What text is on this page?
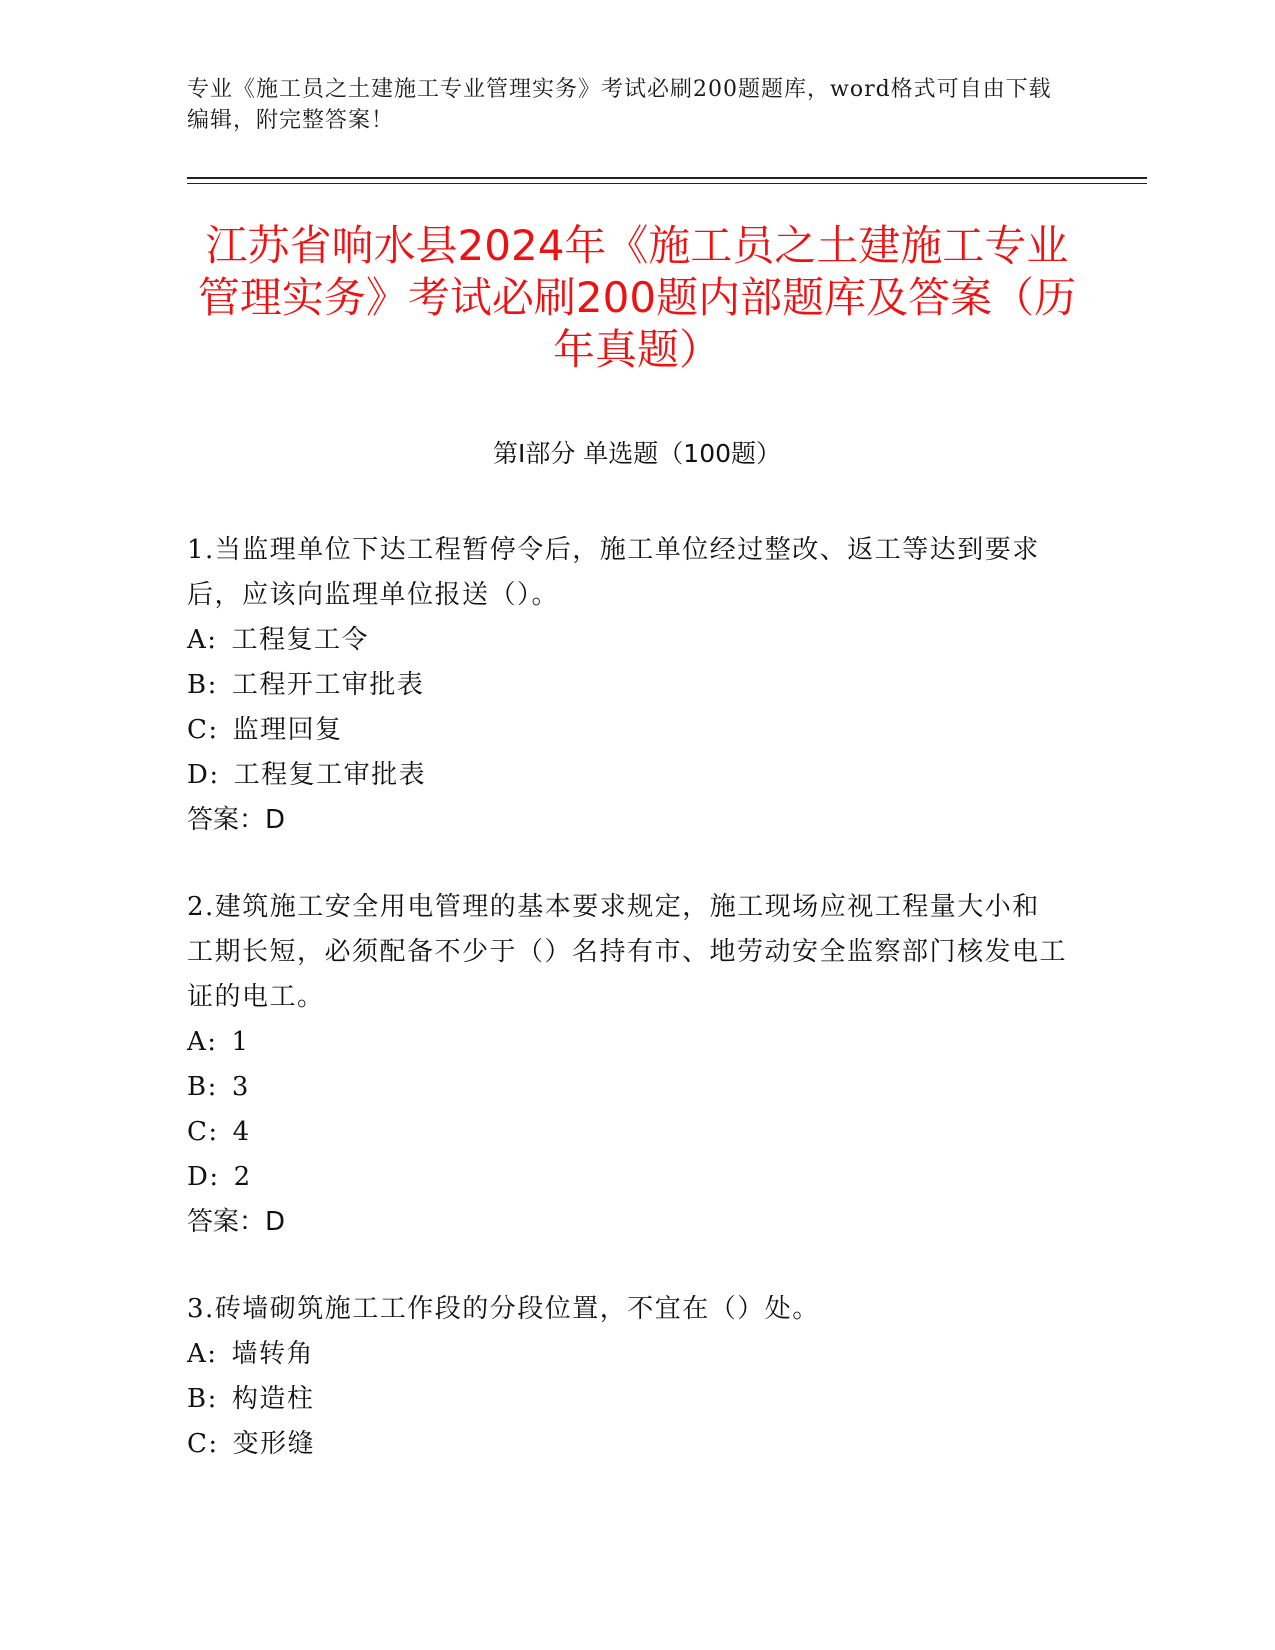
专业《施工员之土建施工专业管理实务》考试必刷200题题库，word格式可自由下载编辑，附完整答案！
江苏省响水县2024年《施工员之土建施工专业管理实务》考试必刷200题内部题库及答案（历年真题）
第Ⅰ部分 单选题（100题）

1.当监理单位下达工程暂停令后，施工单位经过整改、返工等达到要求后，应该向监理单位报送（）。

A: 工程复工令

B: 工程开工审批表

C: 监理回复

D: 工程复工审批表

答案：D

2.建筑施工安全用电管理的基本要求规定，施工现场应视工程量大小和工期长短，必须配备不少于（）名持有市、地劳动安全监察部门核发电工证的电工。

A: 1

B: 3

C: 4

D: 2

答案：D

3.砖墙砌筑施工工作段的分段位置，不宜在（）处。

A: 墙转角

B: 构造柱

C: 变形缝
